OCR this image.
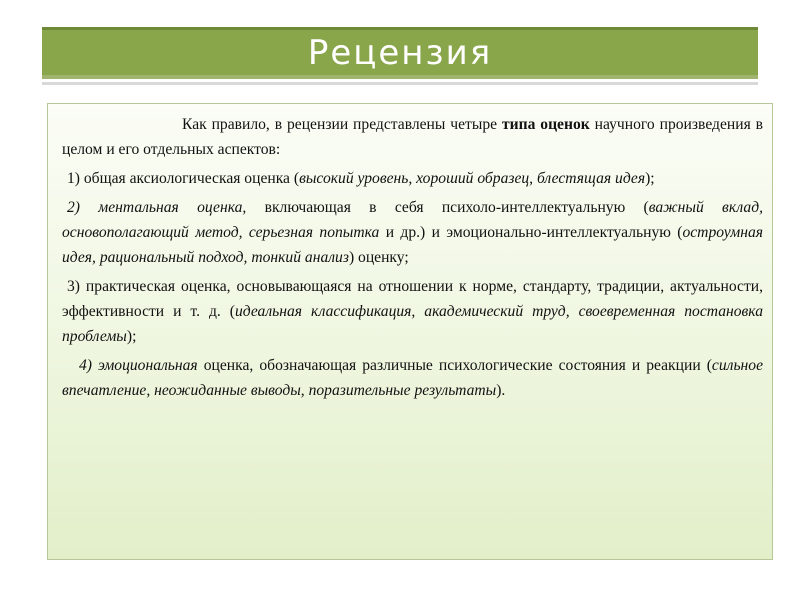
Рецензия

Как правило, в рецензии представлены четыре типа оценок научного произведения в целом и его отдельных аспектов:

1) общая аксиологическая оценка (высокий уровень, хороший образец, блестящая идея);

2) ментальная оценка, включающая в себя психоло-интеллектуальную (важный вклад, основополагающий метод, серьезная попытка и др.) и эмоционально-интеллектуальную (остроумная идея, рациональный подход, тонкий анализ) оценку;

3) практическая оценка, основывающаяся на отношении к норме, стандарту, традиции, актуальности, эффективности и т. д. (идеальная классификация, академический труд, своевременная постановка проблемы);

4) эмоциональная оценка, обозначающая различные психологические состояния и реакции (сильное впечатление, неожиданные выводы, поразительные результаты).
